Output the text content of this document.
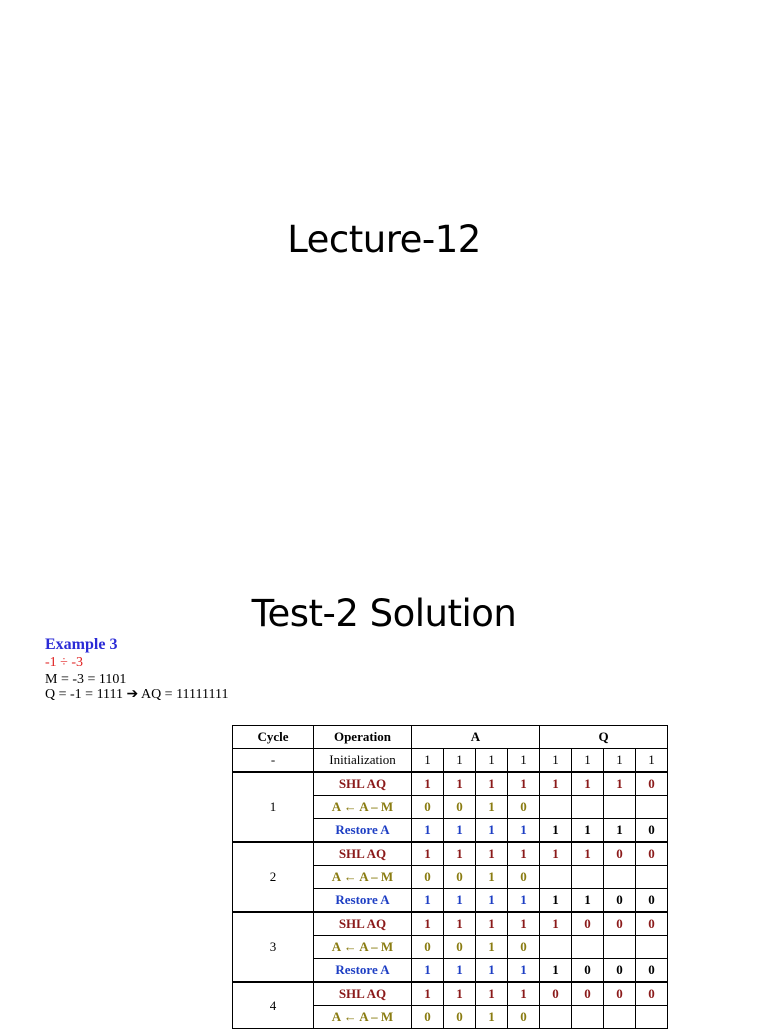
Lecture-12
Test-2 Solution
Example 3
-1 ÷ -3
M = -3 = 1101
Q = -1 = 1111 ➔ AQ = 11111111
Cycle	Operation	A				Q			
-	Initialization	1	1	1	1	1	1	1	1
1	SHL AQ	1	1	1	1	1	1	1	0
	A ← A – M	0	0	1	0				
	Restore A	1	1	1	1	1	1	1	0
2	SHL AQ	1	1	1	1	1	1	0	0
	A ← A – M	0	0	1	0				
	Restore A	1	1	1	1	1	1	0	0
3	SHL AQ	1	1	1	1	1	0	0	0
	A ← A – M	0	0	1	0				
	Restore A	1	1	1	1	1	0	0	0
4	SHL AQ	1	1	1	1	0	0	0	0
	A ← A – M	0	0	1	0				
